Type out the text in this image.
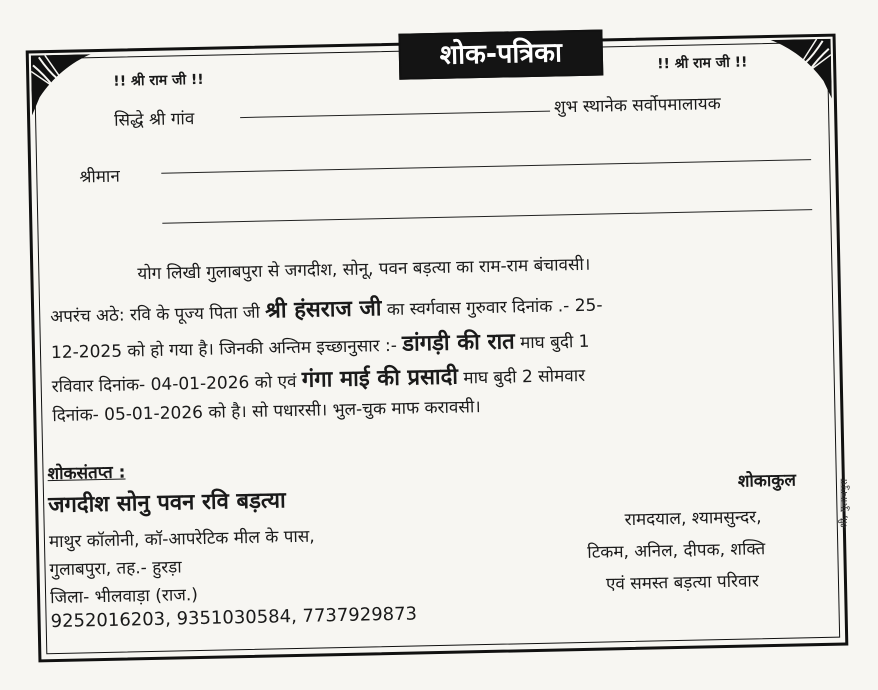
शोक-पत्रिका
!! श्री राम जी !!
!! श्री राम जी !!
सिद्धे श्री गांव
शुभ स्थानेक सर्वोपमालायक
श्रीमान
योग लिखी गुलाबपुरा से जगदीश, सोनू, पवन बड़त्या का राम-राम बंचावसी।
अपरंच अठे: रवि के पूज्य पिता जी श्री हंसराज जी का स्वर्गवास गुरुवार दिनांक .- 25-
12-2025 को हो गया है। जिनकी अन्तिम इच्छानुसार :- डांगड़ी की रात माघ बुदी 1
रविवार दिनांक- 04-01-2026 को एवं गंगा माई की प्रसादी माघ बुदी 2 सोमवार
दिनांक- 05-01-2026 को है। सो पधारसी। भुल-चुक माफ करावसी।
शोकसंतप्त :
जगदीश सोनु पवन रवि बड़त्या
माथुर कॉलोनी, कॉ-आपरेटिक मील के पास,
गुलाबपुरा, तह.- हुरड़ा
जिला- भीलवाड़ा (राज.)
9252016203, 9351030584, 7737929873
शोकाकुल
रामदयाल, श्यामसुन्दर,
टिकम, अनिल, दीपक, शक्ति
एवं समस्त बड़त्या परिवार
श्री, गुलाबपुरा
